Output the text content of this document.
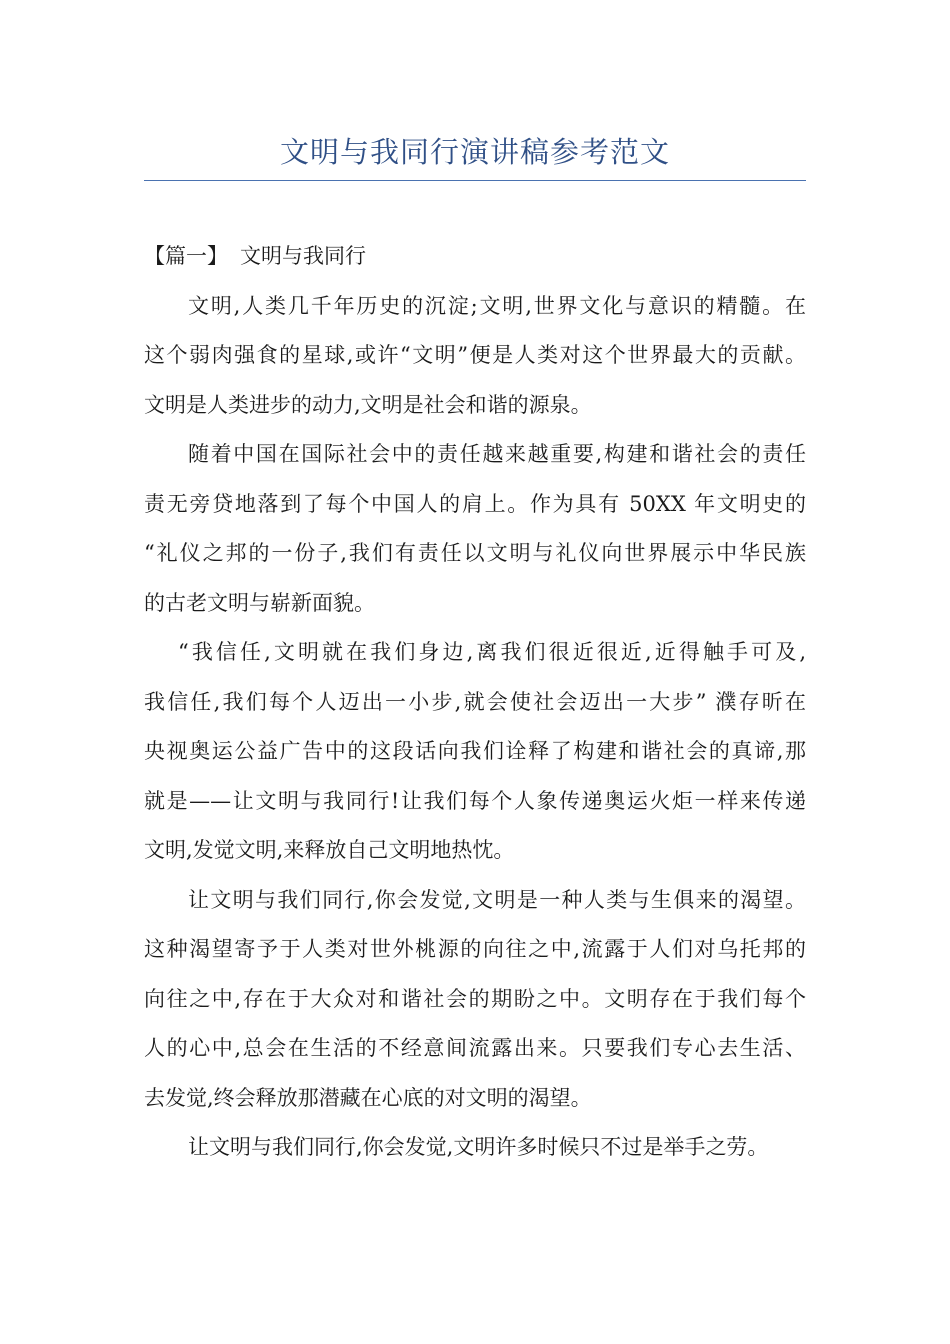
文明与我同行演讲稿参考范文

【篇一】 文明与我同行

文明,人类几千年历史的沉淀;文明,世界文化与意识的精髓。在
这个弱肉强食的星球,或许“文明”便是人类对这个世界最大的贡献。
文明是人类进步的动力,文明是社会和谐的源泉。
随着中国在国际社会中的责任越来越重要,构建和谐社会的责任
责无旁贷地落到了每个中国人的肩上。作为具有 50XX 年文明史的
“礼仪之邦的一份子,我们有责任以文明与礼仪向世界展示中华民族
的古老文明与崭新面貌。
“我信任,文明就在我们身边,离我们很近很近,近得触手可及,
我信任,我们每个人迈出一小步,就会使社会迈出一大步” 濮存昕在
央视奥运公益广告中的这段话向我们诠释了构建和谐社会的真谛,那
就是——让文明与我同行!让我们每个人象传递奥运火炬一样来传递
文明,发觉文明,来释放自己文明地热忱。
让文明与我们同行,你会发觉,文明是一种人类与生俱来的渴望。
这种渴望寄予于人类对世外桃源的向往之中,流露于人们对乌托邦的
向往之中,存在于大众对和谐社会的期盼之中。文明存在于我们每个
人的心中,总会在生活的不经意间流露出来。只要我们专心去生活、
去发觉,终会释放那潜藏在心底的对文明的渴望。
让文明与我们同行,你会发觉,文明许多时候只不过是举手之劳。
